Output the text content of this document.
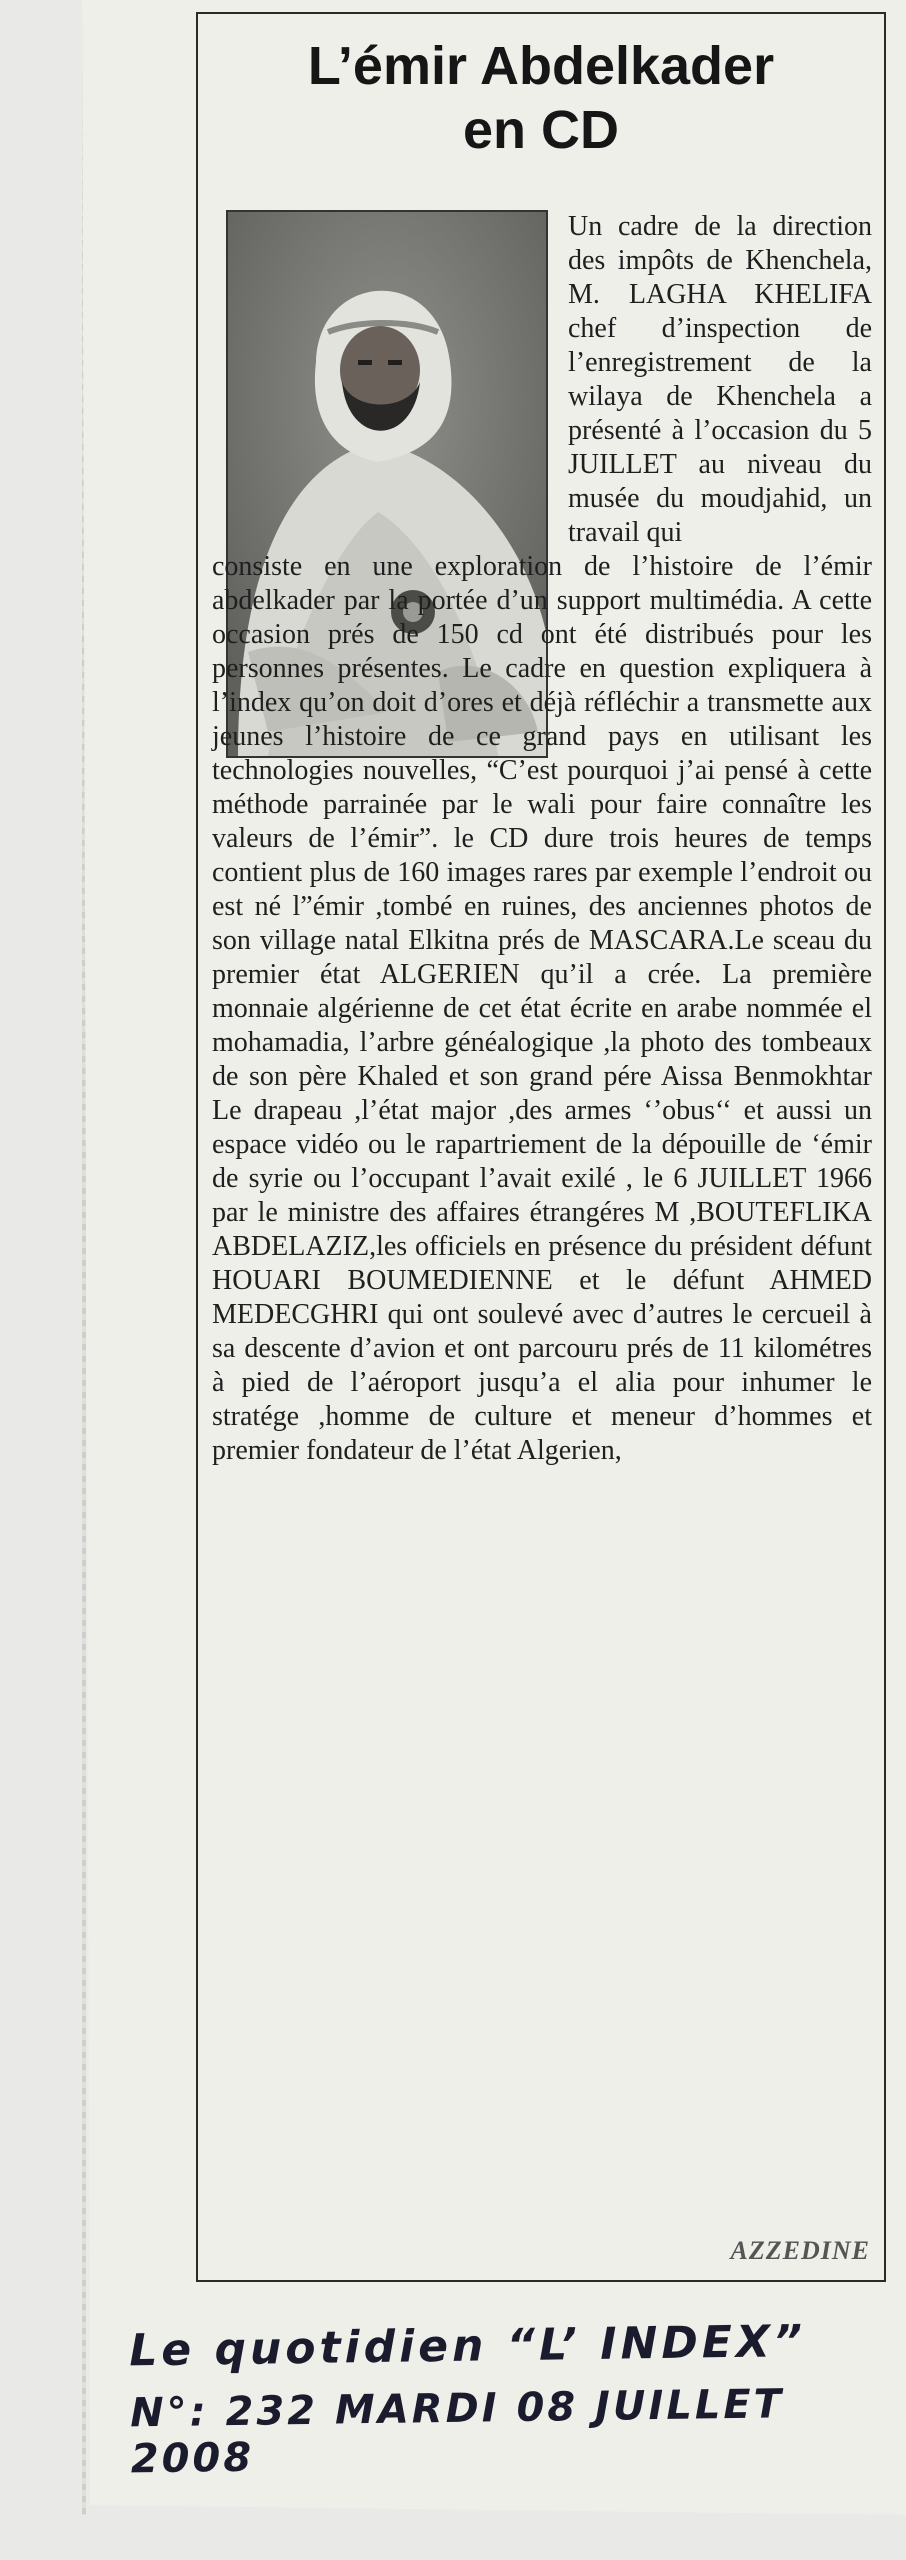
L’émir Abdelkader
en CD

Un cadre de la direction des impôts de Khenchela, M. LAGHA KHELIFA chef d’inspection de l’enregistrement de la wilaya de Khenchela a présenté à l’occasion du 5 JUILLET au niveau du musée du moudjahid, un travail qui

consiste en une exploration de l’histoire de l’émir abdelkader par la portée d’un support multimédia. A cette occasion prés de 150 cd ont été distribués pour les personnes présentes. Le cadre en question expliquera à l’index qu’on doit d’ores et déjà réfléchir a transmette aux jeunes l’histoire de ce grand pays en utilisant les technologies nouvelles, “C’est pourquoi j’ai pensé à cette méthode parrainée par le wali pour faire connaître les valeurs de l’émir”. le CD dure trois heures de temps contient plus de 160 images rares par exemple l’endroit ou est né l”émir ,tombé en ruines, des anciennes photos de son village natal Elkitna prés de MASCARA.Le sceau du premier état ALGERIEN qu’il a crée. La première monnaie algérienne de cet état écrite en arabe nommée el mohamadia, l’arbre généalogique ,la photo des tombeaux de son père Khaled et son grand pére Aissa Benmokhtar Le drapeau ,l’état major ,des armes ‘’obus‘‘ et aussi un espace vidéo ou le rapartriement de la dépouille de ‘émir de syrie ou l’occupant l’avait exilé , le 6 JUILLET 1966 par le ministre des affaires étrangéres M ,BOUTEFLIKA ABDELAZIZ,les officiels en présence du président défunt HOUARI BOUMEDIENNE et le défunt AHMED MEDECGHRI qui ont soulevé avec d’autres le cercueil à sa descente d’avion et ont parcouru prés de 11 kilométres à pied de l’aéroport jusqu’a el alia pour inhumer le stratége ,homme de culture et meneur d’hommes et premier fondateur de l’état Algerien,

AZZEDINE
Le quotidien “L’ INDEX”
N°: 232 MARDI 08 JUILLET 2008
